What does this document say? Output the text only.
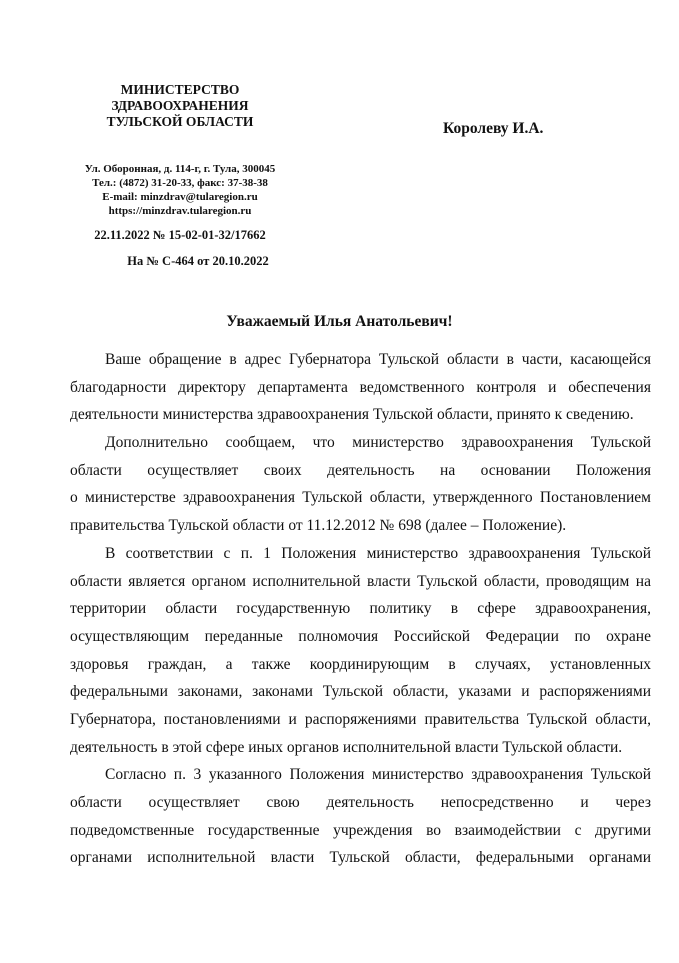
МИНИСТЕРСТВО
ЗДРАВООХРАНЕНИЯ
ТУЛЬСКОЙ ОБЛАСТИ
Ул. Оборонная, д. 114-г, г. Тула, 300045
Тел.: (4872) 31-20-33, факс: 37-38-38
E-mail: minzdrav@tularegion.ru
https://minzdrav.tularegion.ru
22.11.2022 № 15-02-01-32/17662
На № С-464 от 20.10.2022
Королеву И.А.
Уважаемый Илья Анатольевич!
Ваше обращение в адрес Губернатора Тульской области в части, касающейся
благодарности директору департамента ведомственного контроля и обеспечения
деятельности министерства здравоохранения Тульской области, принято к сведению.
Дополнительно сообщаем, что министерство здравоохранения Тульской
области осуществляет своих деятельность на основании Положения
о министерстве здравоохранения Тульской области, утвержденного Постановлением
правительства Тульской области от 11.12.2012 № 698 (далее – Положение).
В соответствии с п. 1 Положения министерство здравоохранения Тульской
области является органом исполнительной власти Тульской области, проводящим на
территории области государственную политику в сфере здравоохранения,
осуществляющим переданные полномочия Российской Федерации по охране
здоровья граждан, а также координирующим в случаях, установленных
федеральными законами, законами Тульской области, указами и распоряжениями
Губернатора, постановлениями и распоряжениями правительства Тульской области,
деятельность в этой сфере иных органов исполнительной власти Тульской области.
Согласно п. 3 указанного Положения министерство здравоохранения Тульской
области осуществляет свою деятельность непосредственно и через
подведомственные государственные учреждения во взаимодействии с другими
органами исполнительной власти Тульской области, федеральными органами
